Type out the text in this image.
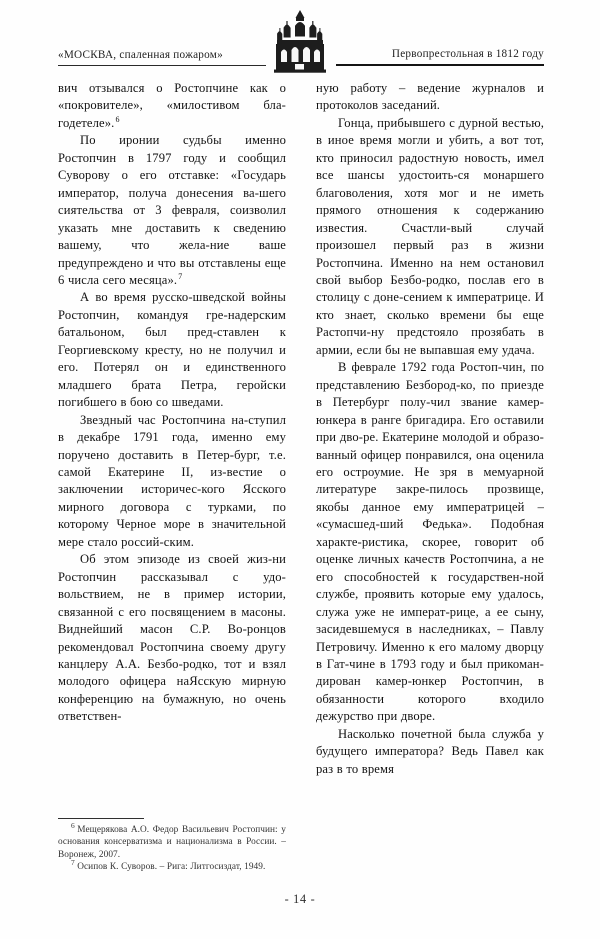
«МОСКВА, спаленная пожаром»	Первопрестольная в 1812 году

вич отзывался о Ростопчине как о «покровителе», «милостивом бла-годетеле».$^6$

По иронии судьбы именно Ростопчин в 1797 году и сообщил Суворову о его отставке: «Государь император, получа донесения ва-шего сиятельства от 3 февраля, соизволил указать мне доставить к сведению вашему, что жела-ние ваше предупреждено и что вы отставлены еще 6 числа сего месяца».$^7$

А во время русско-шведской войны Ростопчин, командуя гре-надерским батальоном, был пред-ставлен к Георгиевскому кресту, но не получил и его. Потерял он и единственного младшего брата Петра, геройски погибшего в бою со шведами.

Звездный час Ростопчина на-ступил в декабре 1791 года, именно ему поручено доставить в Петер-бург, т.е. самой Екатерине II, из-вестие о заключении историчес-кого Ясского мирного договора с турками, по которому Черное море в значительной мере стало россий-ским.

Об этом эпизоде из своей жиз-ни Ростопчин рассказывал с удо-вольствием, не в пример истории, связанной с его посвящением в масоны. Виднейший масон С.Р. Во-ронцов рекомендовал Ростопчина своему другу канцлеру А.А. Безбо-родко, тот и взял молодого офицера наЯсскую мирную конференцию на бумажную, но очень ответствен-

$^6$ Мещерякова А.О. Федор Васильевич Ростопчин: у основания консерватизма и национализма в России. – Воронеж, 2007.

$^7$ Осипов К. Суворов. – Рига: Литгосиздат, 1949.

ную работу – ведение журналов и протоколов заседаний.

Гонца, прибывшего с дурной вестью, в иное время могли и убить, а вот тот, кто приносил радостную новость, имел все шансы удостоить-ся монаршего благоволения, хотя мог и не иметь прямого отношения к содержанию известия. Счастли-вый случай произошел первый раз в жизни Ростопчина. Именно на нем остановил свой выбор Безбо-родко, послав его в столицу с доне-сением к императрице. И кто знает, сколько времени бы еще Растопчи-ну предстояло прозябать в армии, если бы не выпавшая ему удача.

В феврале 1792 года Ростоп-чин, по представлению Безбород-ко, по приезде в Петербург полу-чил звание камер-юнкера в ранге бригадира. Его оставили при дво-ре. Екатерине молодой и образо-ванный офицер понравился, она оценила его остроумие. Не зря в мемуарной литературе закре-пилось прозвище, якобы данное ему императрицей – «сумасшед-ший Федька». Подобная характе-ристика, скорее, говорит об оценке личных качеств Ростопчина, а не его способностей к государствен-ной службе, проявить которые ему удалось, служа уже не императ-рице, а ее сыну, засидевшемуся в наследниках, – Павлу Петровичу. Именно к его малому дворцу в Гат-чине в 1793 году и был прикоман-дирован камер-юнкер Ростопчин, в обязанности которого входило дежурство при дворе.

Насколько почетной была служба у будущего императора? Ведь Павел как раз в то время

- 14 -
